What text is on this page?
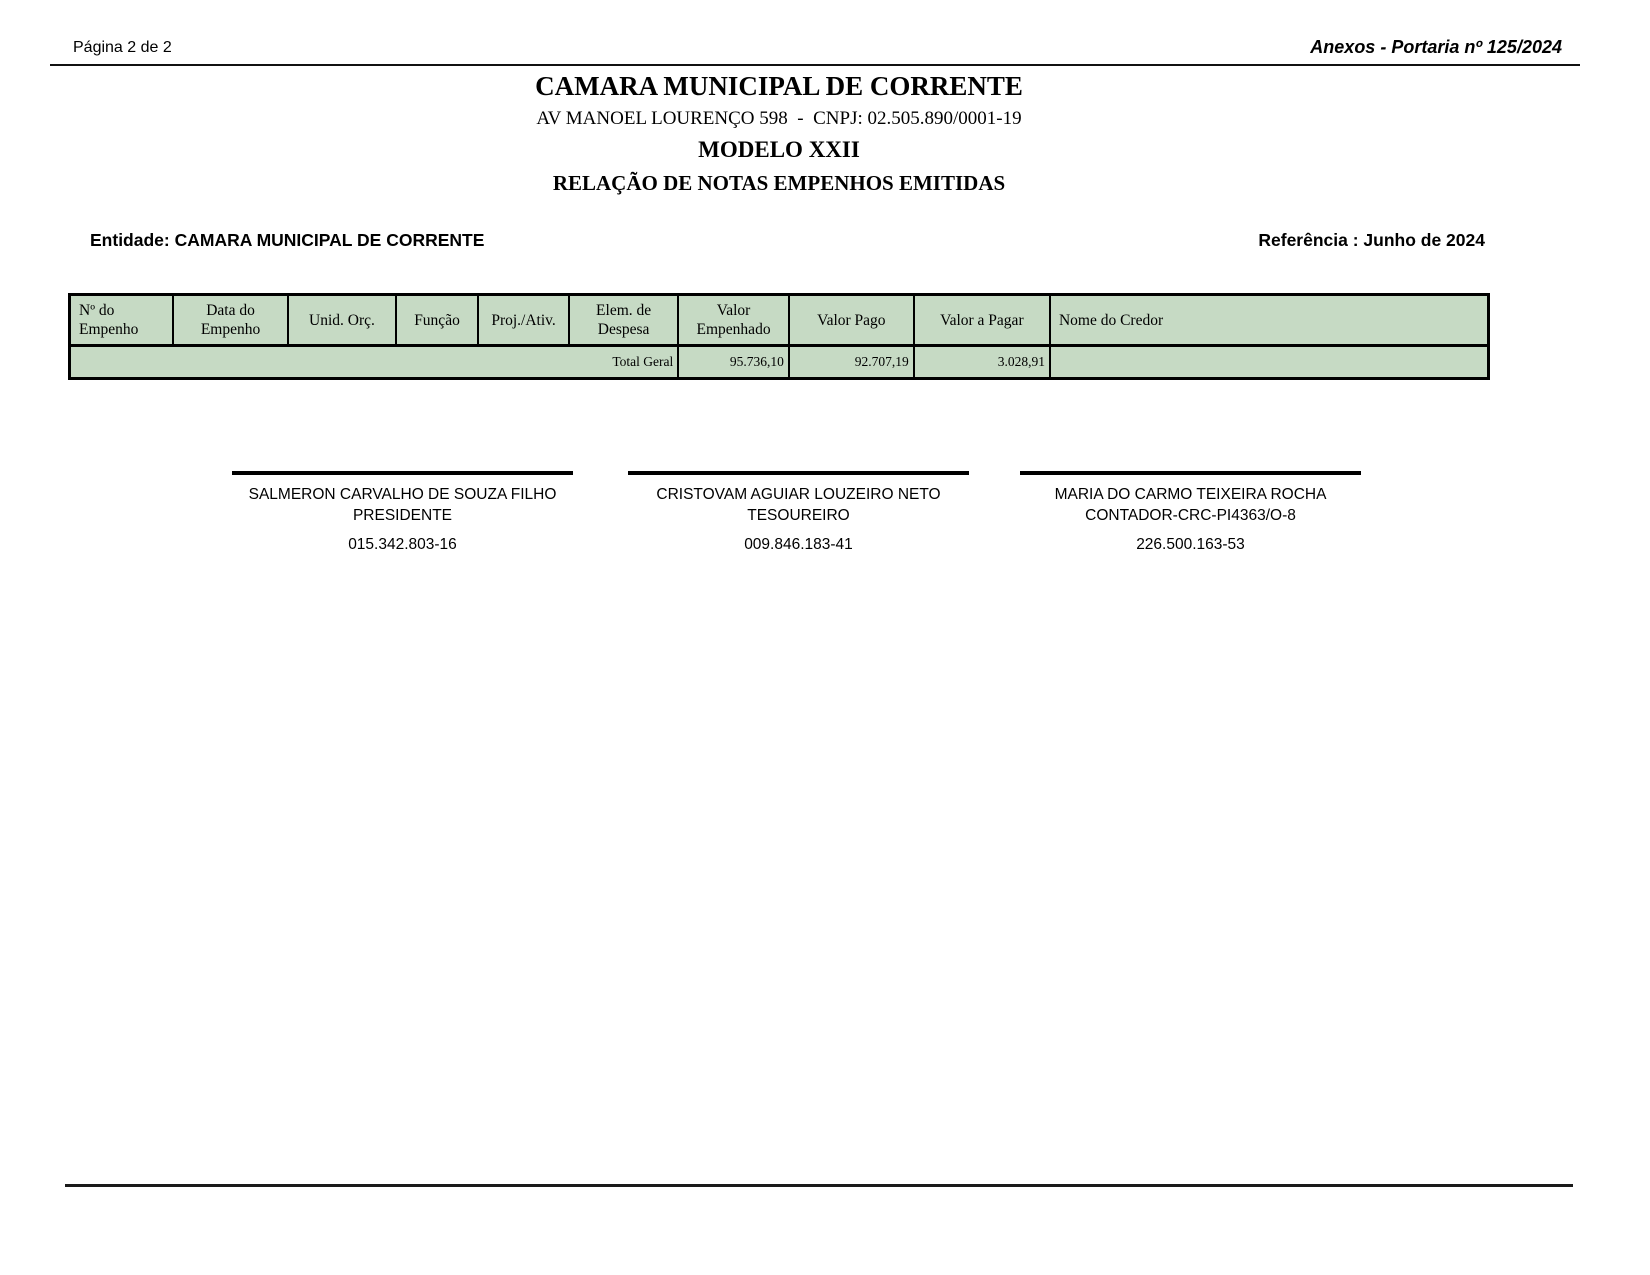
Página 2 de 2	Anexos - Portaria nº 125/2024
CAMARA MUNICIPAL DE CORRENTE
AV MANOEL LOURENÇO 598  -  CNPJ: 02.505.890/0001-19
MODELO XXII
RELAÇÃO DE NOTAS EMPENHOS EMITIDAS
Entidade: CAMARA MUNICIPAL DE CORRENTE	Referência : Junho de 2024
Nº do Empenho	Data do Empenho	Unid. Orç.	Função	Proj./Ativ.	Elem. de Despesa	Valor Empenhado	Valor Pago	Valor a Pagar	Nome do Credor
Total Geral						95.736,10	92.707,19	3.028,91	
SALMERON CARVALHO DE SOUZA FILHO
PRESIDENTE
015.342.803-16
CRISTOVAM AGUIAR LOUZEIRO NETO
TESOUREIRO
009.846.183-41
MARIA DO CARMO TEIXEIRA ROCHA
CONTADOR-CRC-PI4363/O-8
226.500.163-53
